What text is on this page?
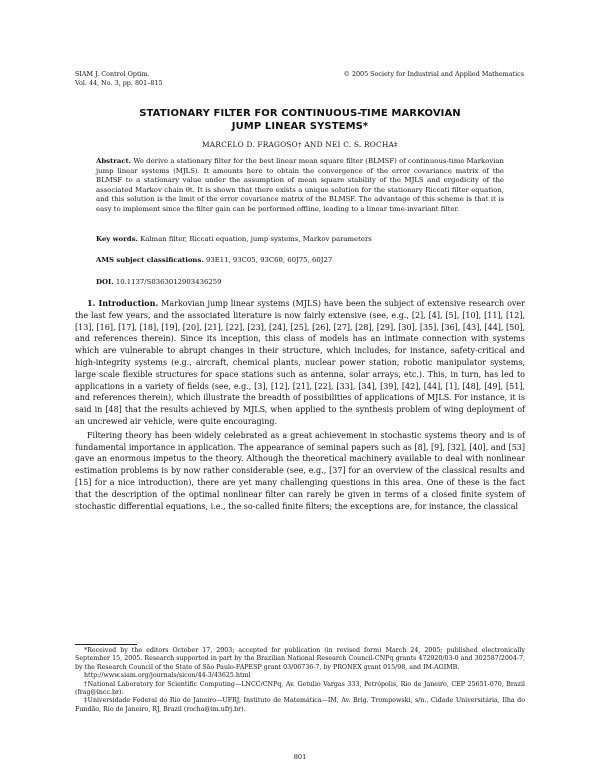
SIAM J. Control Optim.
Vol. 44, No. 3, pp. 801–815
© 2005 Society for Industrial and Applied Mathematics
STATIONARY FILTER FOR CONTINUOUS-TIME MARKOVIAN
JUMP LINEAR SYSTEMS*
MARCELO D. FRAGOSO† AND NEI C. S. ROCHA‡
Abstract. We derive a stationary filter for the best linear mean square filter (BLMSF) of continuous-time Markovian jump linear systems (MJLS). It amounts here to obtain the convergence of the error covariance matrix of the BLMSF to a stationary value under the assumption of mean square stability of the MJLS and ergodicity of the associated Markov chain θt. It is shown that there exists a unique solution for the stationary Riccati filter equation, and this solution is the limit of the error covariance matrix of the BLMSF. The advantage of this scheme is that it is easy to implement since the filter gain can be performed offline, leading to a linear time-invariant filter.
Key words. Kalman filter, Riccati equation, jump systems, Markov parameters
AMS subject classifications. 93E11, 93C05, 93C60, 60J75, 60J27
DOI. 10.1137/S0363012903436259

1. Introduction. Markovian jump linear systems (MJLS) have been the subject of extensive research over the last few years, and the associated literature is now fairly extensive (see, e.g., [2], [4], [5], [10], [11], [12], [13], [16], [17], [18], [19], [20], [21], [22], [23], [24], [25], [26], [27], [28], [29], [30], [35], [36], [43], [44], [50], and references therein). Since its inception, this class of models has an intimate connection with systems which are vulnerable to abrupt changes in their structure, which includes, for instance, safety-critical and high-integrity systems (e.g., aircraft, chemical plants, nuclear power station, robotic manipulator systems, large scale flexible structures for space stations such as antenna, solar arrays, etc.). This, in turn, has led to applications in a variety of fields (see, e.g., [3], [12], [21], [22], [33], [34], [39], [42], [44], [1], [48], [49], [51], and references therein), which illustrate the breadth of possibilities of applications of MJLS. For instance, it is said in [48] that the results achieved by MJLS, when applied to the synthesis problem of wing deployment of an uncrewed air vehicle, were quite encouraging.

Filtering theory has been widely celebrated as a great achievement in stochastic systems theory and is of fundamental importance in application. The appearance of seminal papers such as [8], [9], [32], [40], and [53] gave an enormous impetus to the theory. Although the theoretical machinery available to deal with nonlinear estimation problems is by now rather considerable (see, e.g., [37] for an overview of the classical results and [15] for a nice introduction), there are yet many challenging questions in this area. One of these is the fact that the description of the optimal nonlinear filter can rarely be given in terms of a closed finite system of stochastic differential equations, i.e., the so-called finite filters; the exceptions are, for instance, the classical

*Received by the editors October 17, 2003; accepted for publication (in revised form) March 24, 2005; published electronically September 15, 2005. Research supported in part by the Brazilian National Research Council-CNPq grants 472920/03-0 and 302587/2004-7, by the Research Council of the State of São Paulo-FAPESP grant 03/06736-7, by PRONEX grant 015/98, and IM-AGIMB.

http://www.siam.org/journals/sicon/44-3/43625.html

†National Laboratory for Scientific Computing—LNCC/CNPq, Av. Getulio Vargas 333, Petrópolis, Rio de Janeiro, CEP 25651-070, Brazil (frag@lncc.br).

‡Universidade Federal do Rio de Janeiro—UFRJ, Instituto de Matemática—IM, Av. Brig. Trompowski, s/n., Cidade Universitária, Ilha do Fundão, Rio de Janeiro, RJ, Brazil (rocha@im.ufrj.br).

801
